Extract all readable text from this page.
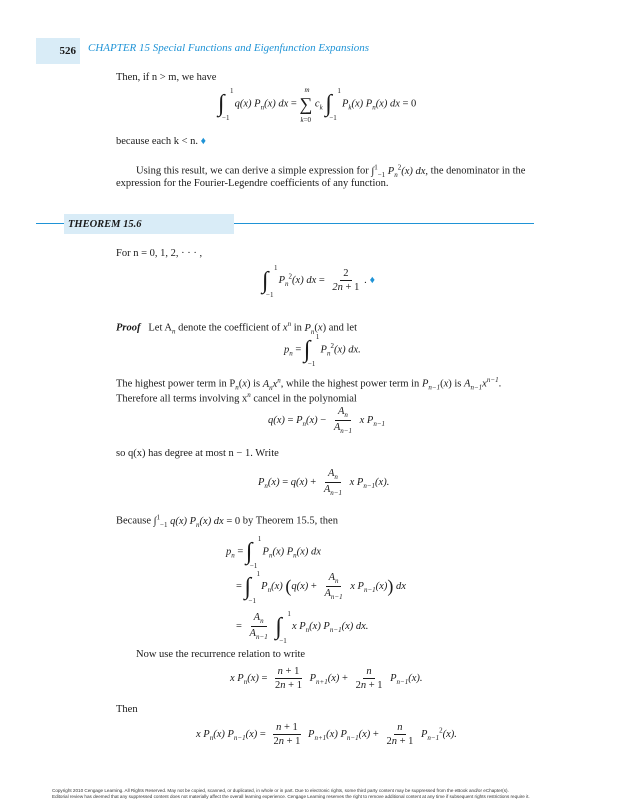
526	CHAPTER 15 Special Functions and Eigenfunction Expansions
Then, if n > m, we have
∫ 1
−1
q(x) $P_n(x)$ dx = ∑
m
k=0
$c_k$ ∫ 1
−1
$P_k(x)$ $P_n(x)$ dx = 0
because each k < n. ♦
Using this result, we can derive a simple expression for ∫$^1_{-1}$ $P_n^2(x)$ dx, the denominator in the
expression for the Fourier-Legendre coefficients of any function.
THEOREM 15.6
For n = 0, 1, 2, · · · ,
∫ 1
−1
$P_n^2(x)$ dx = $\frac{2}{2n + 1}$ . ♦
Proof Let $A_n$ denote the coefficient of $x^n$ in $P_n(x)$ and let
$p_n$ = ∫ 1
−1
$P_n^2(x)$ dx.
The highest power term in $P_n(x)$ is $A_nx^n$, while the highest power term in $P_{n-1}(x)$ is $A_{n-1}x^{n-1}$.
Therefore all terms involving $x^n$ cancel in the polynomial
$q(x) = P_n(x) - \frac{A_n}{A_{n-1}}$ x $P_{n-1}$
so q(x) has degree at most n − 1. Write
$P_n(x) = q(x) + \frac{A_n}{A_{n-1}}$ x $P_{n-1}(x)$.
Because ∫$^1_{-1}$ q(x) $P_n(x)$ dx = 0 by Theorem 15.5, then
$p_n$ = ∫ 1
−1
$P_n(x)$ $P_n(x)$ dx
= ∫ 1
−1
$P_n(x) (q(x) + \frac{A_n}{A_{n-1}}$ x $P_{n-1}(x)$) dx
= $\frac{A_n}{A_{n-1}}$ ∫ 1
−1
x $P_n(x)$ $P_{n-1}(x)$ dx.
Now use the recurrence relation to write
x $P_n(x) = \frac{n + 1}{2n + 1} P_{n+1}(x) + \frac{n}{2n + 1} P_{n-1}(x)$.
Then
x $P_n(x) P_{n-1}(x) = \frac{n + 1}{2n + 1} P_{n+1}(x) P_{n-1}(x) + \frac{n}{2n + 1} P_{n-1}^2(x)$.
Copyright 2010 Cengage Learning. All Rights Reserved. May not be copied, scanned, or duplicated, in whole or in part. Due to electronic rights, some third party content may be suppressed from the eBook and/or eChapter(s).
Editorial review has deemed that any suppressed content does not materially affect the overall learning experience. Cengage Learning reserves the right to remove additional content at any time if subsequent rights restrictions require it.
